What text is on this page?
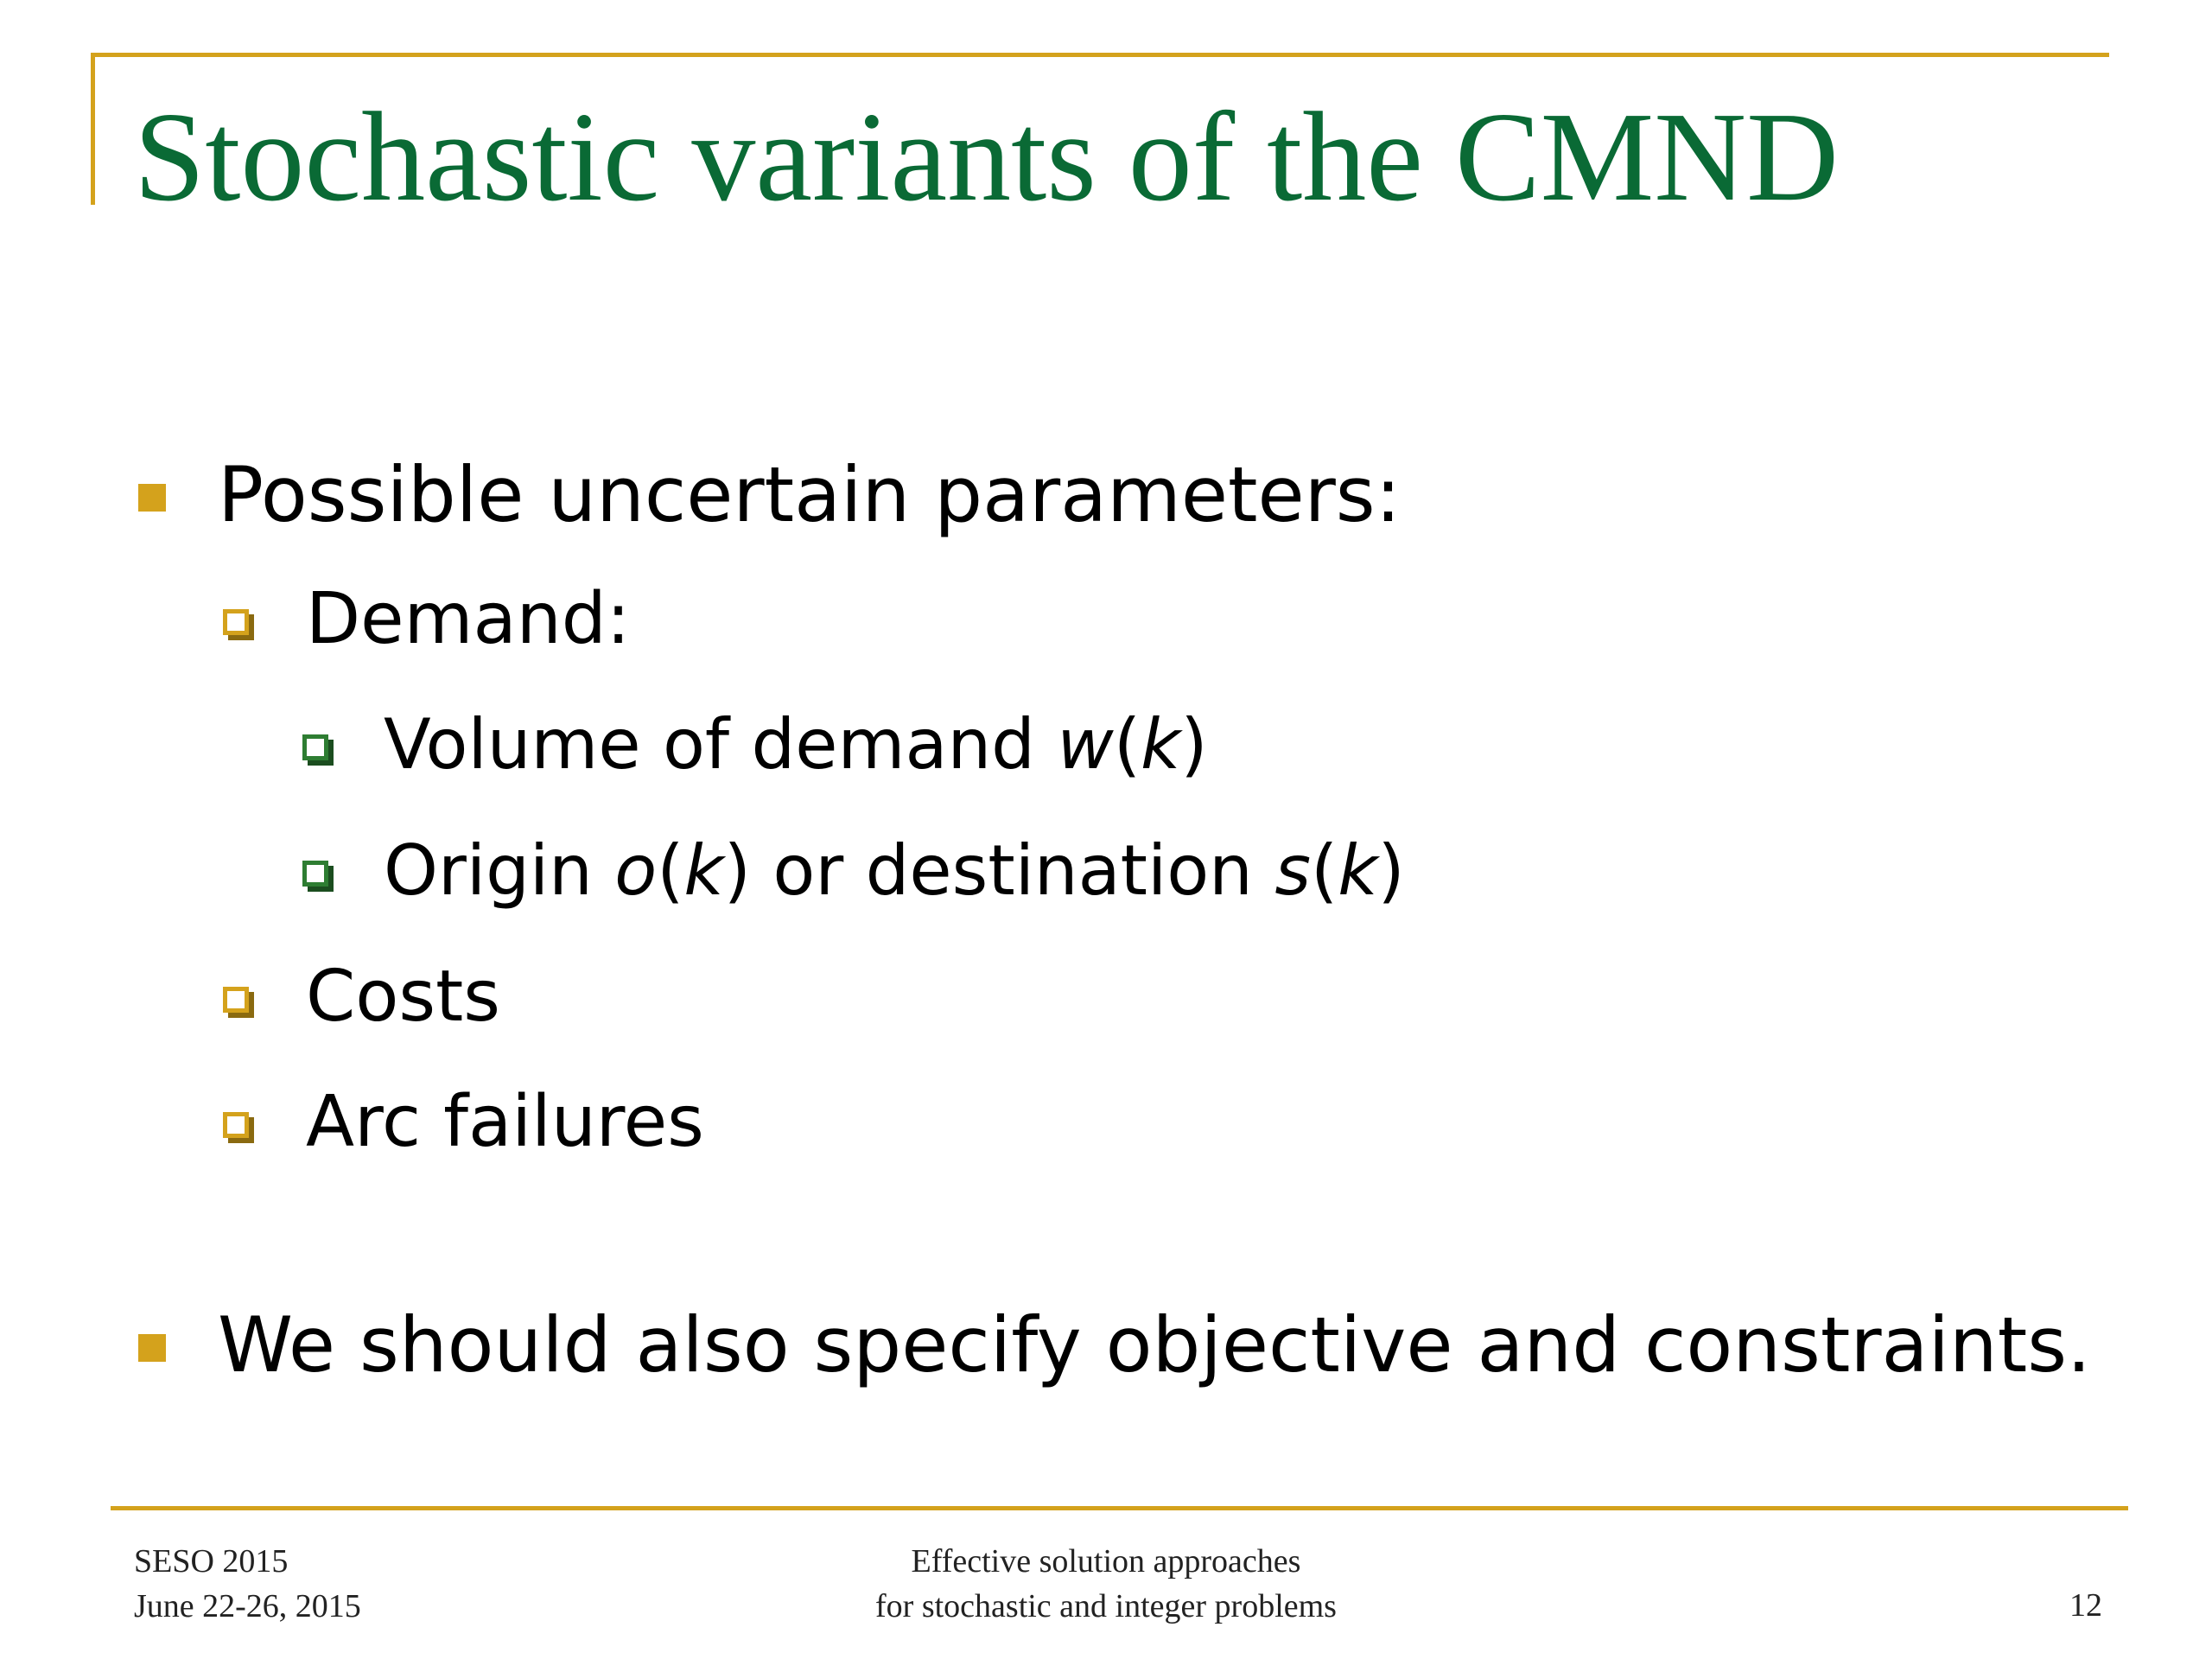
Stochastic variants of the CMND
Possible uncertain parameters:
Demand:
Volume of demand w(k)
Origin o(k) or destination s(k)
Costs
Arc failures
We should also specify objective and constraints.
SESO 2015
June 22-26, 2015
Effective solution approaches
for stochastic and integer problems	12
